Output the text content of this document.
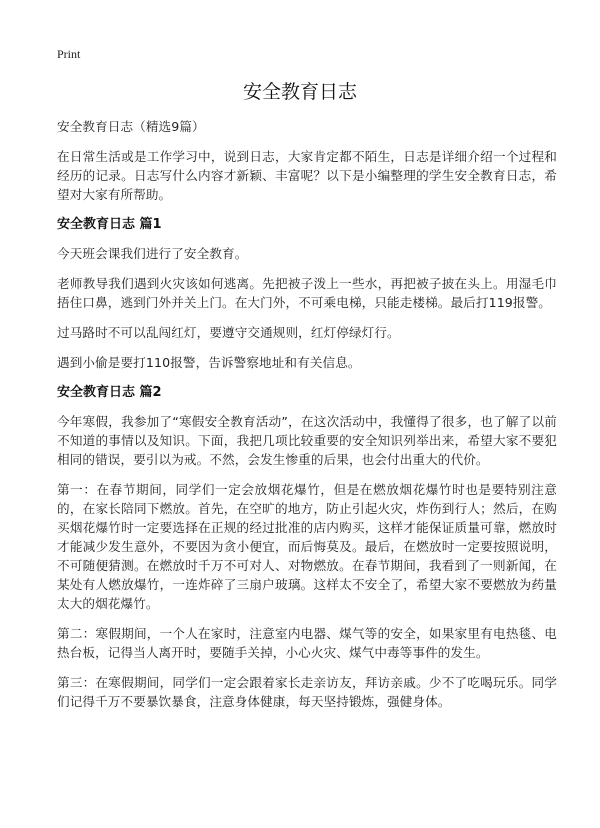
Print
安全教育日志

安全教育日志（精选9篇）

在日常生活或是工作学习中，说到日志，大家肯定都不陌生，日志是详细介绍一个过程和经历的记录。日志写什么内容才新颖、丰富呢？以下是小编整理的学生安全教育日志，希望对大家有所帮助。

安全教育日志 篇1

今天班会课我们进行了安全教育。

老师教导我们遇到火灾该如何逃离。先把被子泼上一些水，再把被子披在头上。用湿毛巾捂住口鼻，逃到门外并关上门。在大门外，不可乘电梯，只能走楼梯。最后打119报警。

过马路时不可以乱闯红灯，要遵守交通规则，红灯停绿灯行。

遇到小偷是要打110报警，告诉警察地址和有关信息。

安全教育日志 篇2

今年寒假，我参加了“寒假安全教育活动”，在这次活动中，我懂得了很多，也了解了以前不知道的事情以及知识。下面，我把几项比较重要的安全知识列举出来，希望大家不要犯相同的错误，要引以为戒。不然，会发生惨重的后果，也会付出重大的代价。

第一：在春节期间，同学们一定会放烟花爆竹，但是在燃放烟花爆竹时也是要特别注意的，在家长陪同下燃放。首先，在空旷的地方，防止引起火灾，炸伤到行人；然后，在购买烟花爆竹时一定要选择在正规的经过批准的店内购买，这样才能保证质量可靠，燃放时才能减少发生意外，不要因为贪小便宜，而后悔莫及。最后，在燃放时一定要按照说明，不可随便猜测。在燃放时千万不可对人、对物燃放。在春节期间，我看到了一则新闻，在某处有人燃放爆竹，一连炸碎了三扇户玻璃。这样太不安全了，希望大家不要燃放为药量太大的烟花爆竹。

第二：寒假期间，一个人在家时，注意室内电器、煤气等的安全，如果家里有电热毯、电热台板，记得当人离开时，要随手关掉，小心火灾、煤气中毒等事件的发生。

第三：在寒假期间，同学们一定会跟着家长走亲访友，拜访亲戚。少不了吃喝玩乐。同学们记得千万不要暴饮暴食，注意身体健康，每天坚持锻炼，强健身体。
